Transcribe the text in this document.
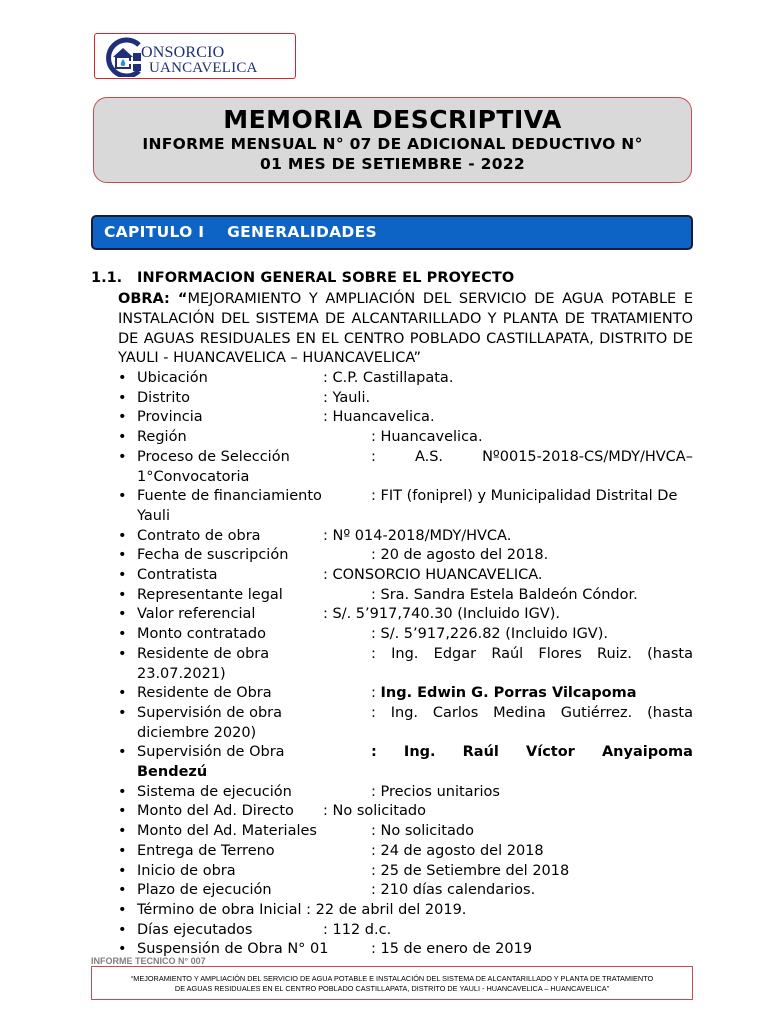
ONSORCIO
UANCAVELICA
MEMORIA DESCRIPTIVA
INFORME MENSUAL N° 07 DE ADICIONAL DEDUCTIVO N°
01 MES DE SETIEMBRE - 2022
CAPITULO I GENERALIDADES
1.1. INFORMACION GENERAL SOBRE EL PROYECTO
OBRA: “MEJORAMIENTO Y AMPLIACIÓN DEL SERVICIO DE AGUA POTABLE E INSTALACIÓN DEL SISTEMA DE ALCANTARILLADO Y PLANTA DE TRATAMIENTO DE AGUAS RESIDUALES EN EL CENTRO POBLADO CASTILLAPATA, DISTRITO DE YAULI - HUANCAVELICA – HUANCAVELICA”
• Ubicación	: C.P. Castillapata.
• Distrito	: Yauli.
• Provincia	: Huancavelica.
• Región	: Huancavelica.
• Proceso de Selección	:	A.S.	Nº0015-2018-CS/MDY/HVCA–
1°Convocatoria
• Fuente de financiamiento	: FIT (foniprel) y Municipalidad Distrital De
Yauli
• Contrato de obra	: Nº 014-2018/MDY/HVCA.
• Fecha de suscripción	: 20 de agosto del 2018.
• Contratista	: CONSORCIO HUANCAVELICA.
• Representante legal	: Sra. Sandra Estela Baldeón Cóndor.
• Valor referencial	: S/. 5’917,740.30 (Incluido IGV).
• Monto contratado	: S/. 5’917,226.82 (Incluido IGV).
• Residente de obra	: Ing. Edgar Raúl Flores Ruiz. (hasta
23.07.2021)
• Residente de Obra	: Ing. Edwin G. Porras Vilcapoma
• Supervisión de obra	: Ing. Carlos Medina Gutiérrez. (hasta
diciembre 2020)
• Supervisión de Obra	: Ing. Raúl Víctor Anyaipoma
Bendezú
• Sistema de ejecución	: Precios unitarios
• Monto del Ad. Directo : No solicitado
• Monto del Ad. Materiales	: No solicitado
• Entrega de Terreno	: 24 de agosto del 2018
• Inicio de obra	: 25 de Setiembre del 2018
• Plazo de ejecución	: 210 días calendarios.
• Término de obra Inicial : 22 de abril del 2019.
• Días ejecutados	: 112 d.c.
• Suspensión de Obra N° 01	: 15 de enero de 2019
INFORME TECNICO N° 007
“MEJORAMIENTO Y AMPLIACIÓN DEL SERVICIO DE AGUA POTABLE E INSTALACIÓN DEL SISTEMA DE ALCANTARILLADO Y PLANTA DE TRATAMIENTO
DE AGUAS RESIDUALES EN EL CENTRO POBLADO CASTILLAPATA, DISTRITO DE YAULI - HUANCAVELICA – HUANCAVELICA”
